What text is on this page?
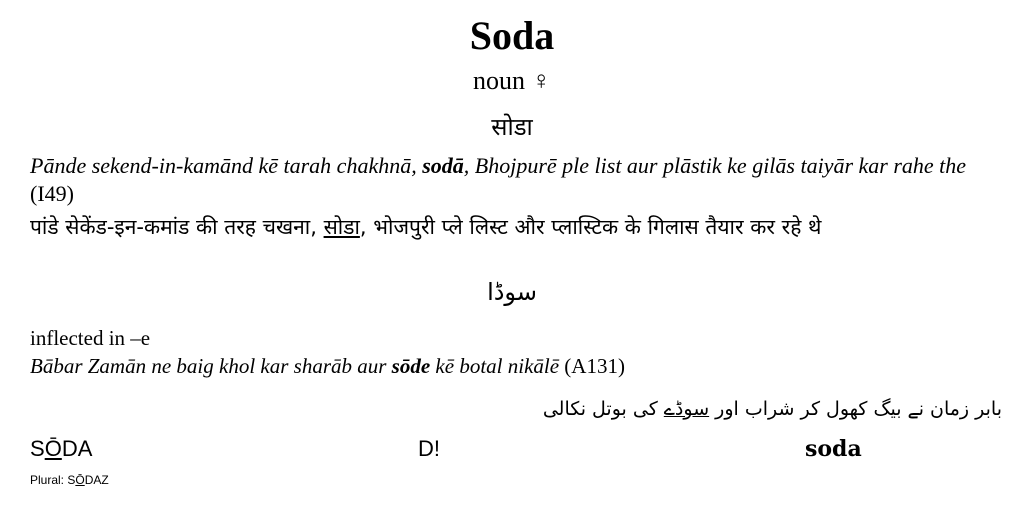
Soda
noun ♀
सोडा
Pānde sekend-in-kamānd kē tarah chakhnā, sodā, Bhojpurē ple list aur plāstik ke gilās taiyār kar rahe the (I49)
पांडे सेकेंड-इन-कमांड की तरह चखना, सोडा, भोजपुरी प्ले लिस्ट और प्लास्टिक के गिलास तैयार कर रहे थे
سوڈا
inflected in –e
Bābar Zamān ne baig khol kar sharāb aur sōde kē botal nikālē (A131)
بابر زمان نے بیگ کھول کر شراب اور سوڈے کی بوتل نکالی
SŌDA	D!	soda
Plural: SŌDAZ
